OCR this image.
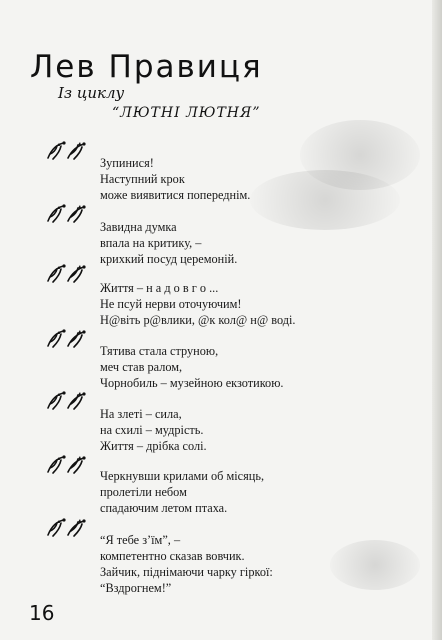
Лев Правиця
Із циклу
“ЛЮТНІ ЛЮТНЯ”
Зупинися!
Наступний крок
може виявитися попереднім.
Завидна думка
впала на критику, –
крихкий посуд церемоній.
Життя – н а д о в г о ...
Не псуй нерви оточуючим!
Н@віть р@влики, @к кол@ н@ воді.
Тятива стала струною,
меч став ралом,
Чорнобиль – музейною екзотикою.
На злеті – сила,
на схилі – мудрість.
Життя – дрібка солі.
Черкнувши крилами об місяць,
пролетіли небом
спадаючим летом птаха.
“Я тебе з’їм”, –
компетентно сказав вовчик.
Зайчик, піднімаючи чарку гіркої:
“Вздрогнем!”
16
